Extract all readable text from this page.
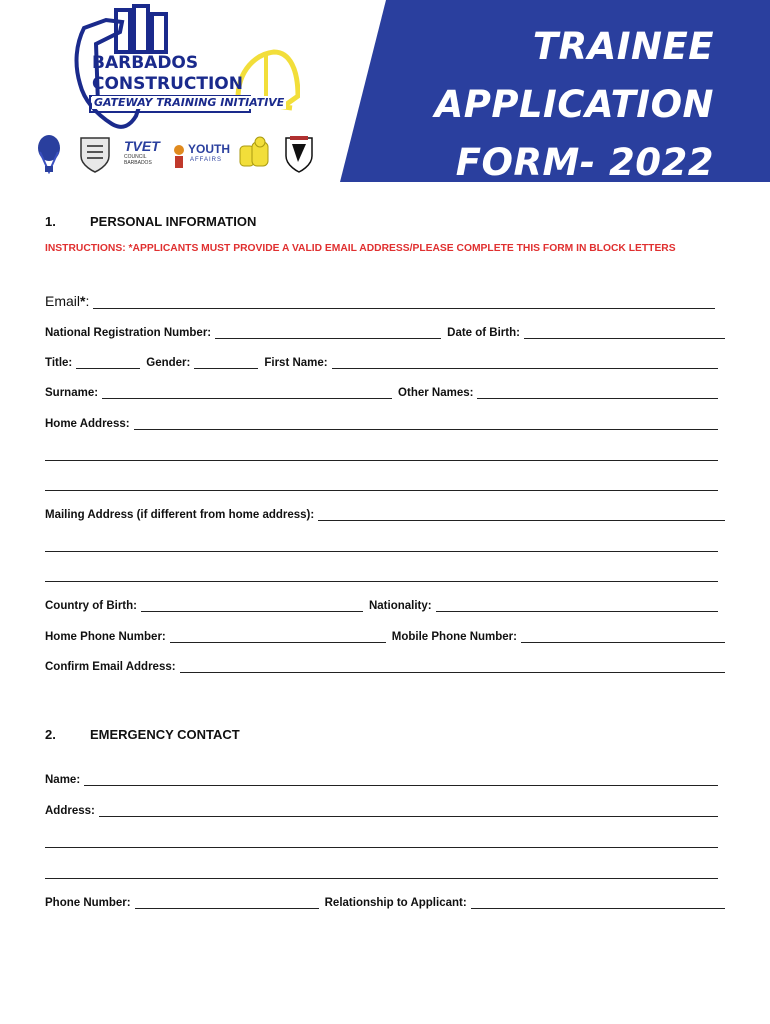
TRAINEE
APPLICATION
FORM- 2022
BARBADOS
CONSTRUCTION
GATEWAY TRAINING INITIATIVE
TVET
COUNCIL BARBADOS
YOUTH
AFFAIRS
1.	PERSONAL INFORMATION
INSTRUCTIONS: *APPLICANTS MUST PROVIDE A VALID EMAIL ADDRESS/PLEASE COMPLETE THIS FORM IN BLOCK LETTERS
Email*:
National Registration Number:	Date of Birth:
Title:	Gender:	First Name:
Surname:	Other Names:
Home Address:
Mailing Address (if different from home address):
Country of Birth:	Nationality:
Home Phone Number:	Mobile Phone Number:
Confirm Email Address:
2.	EMERGENCY CONTACT
Name:
Address:
Phone Number:	Relationship to Applicant:
